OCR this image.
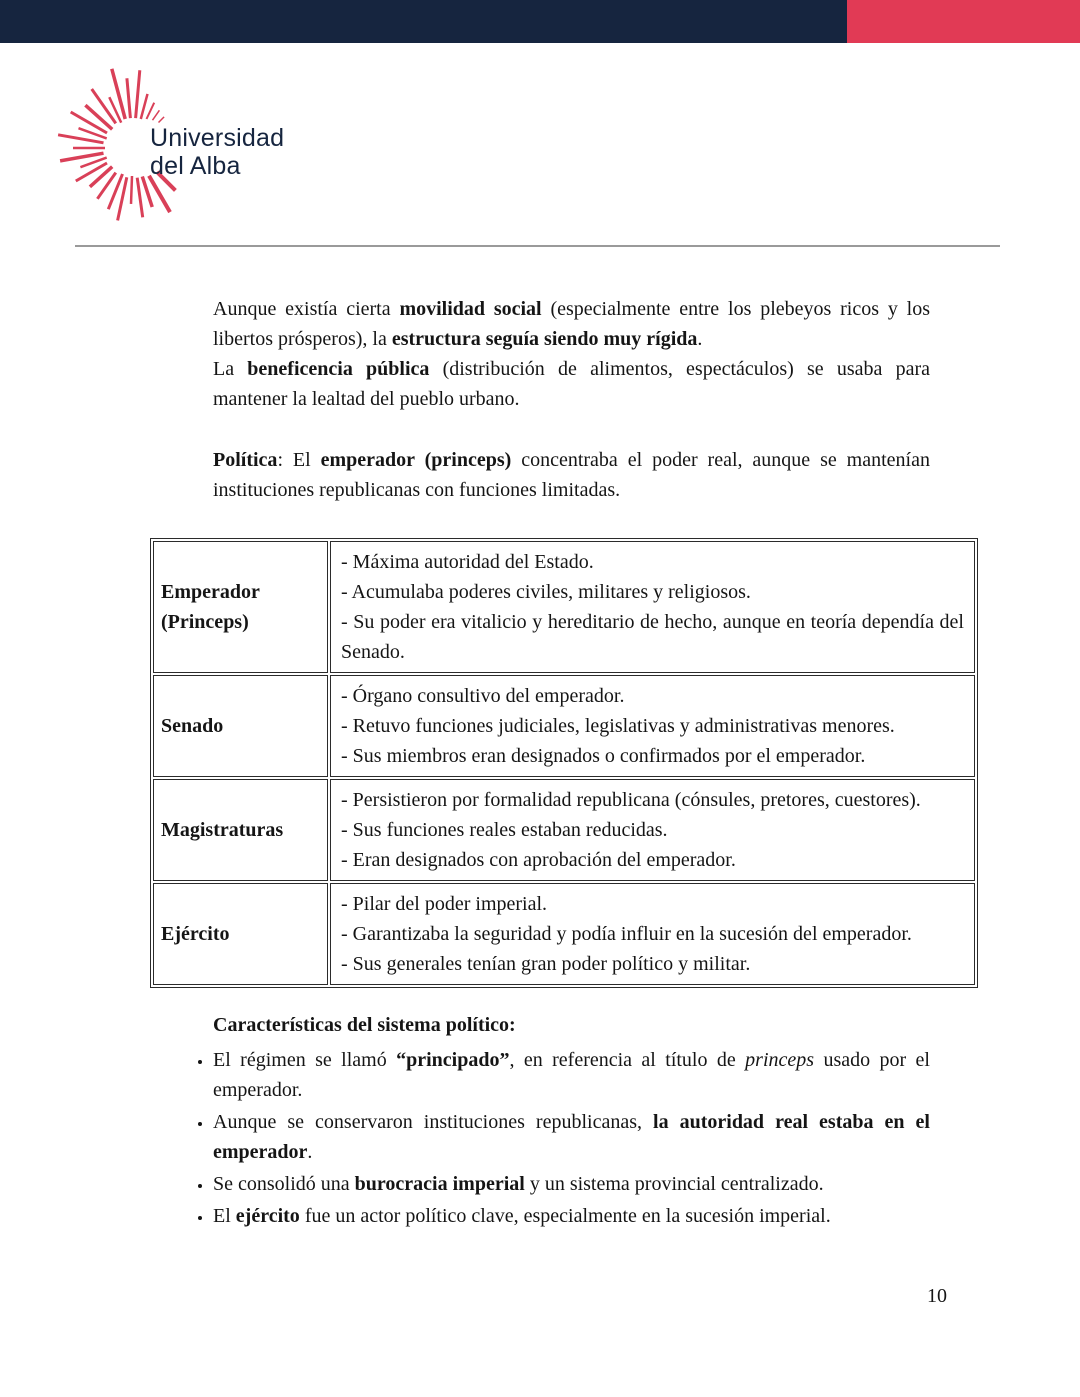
Universidad
del Alba
Aunque existía cierta movilidad social (especialmente entre los plebeyos ricos y los libertos prósperos), la estructura seguía siendo muy rígida.
La beneficencia pública (distribución de alimentos, espectáculos) se usaba para mantener la lealtad del pueblo urbano.
Política: El emperador (princeps) concentraba el poder real, aunque se mantenían instituciones republicanas con funciones limitadas.
Emperador (Princeps)	- Máxima autoridad del Estado.
- Acumulaba poderes civiles, militares y religiosos.
- Su poder era vitalicio y hereditario de hecho, aunque en teoría dependía del Senado.

Senado	- Órgano consultivo del emperador.
- Retuvo funciones judiciales, legislativas y administrativas menores.
- Sus miembros eran designados o confirmados por el emperador.

Magistraturas	- Persistieron por formalidad republicana (cónsules, pretores, cuestores).
- Sus funciones reales estaban reducidas.
- Eran designados con aprobación del emperador.

Ejército	- Pilar del poder imperial.
- Garantizaba la seguridad y podía influir en la sucesión del emperador.
- Sus generales tenían gran poder político y militar.
Características del sistema político:
• El régimen se llamó “principado”, en referencia al título de princeps usado por el emperador.
• Aunque se conservaron instituciones republicanas, la autoridad real estaba en el emperador.
• Se consolidó una burocracia imperial y un sistema provincial centralizado.
• El ejército fue un actor político clave, especialmente en la sucesión imperial.
10
